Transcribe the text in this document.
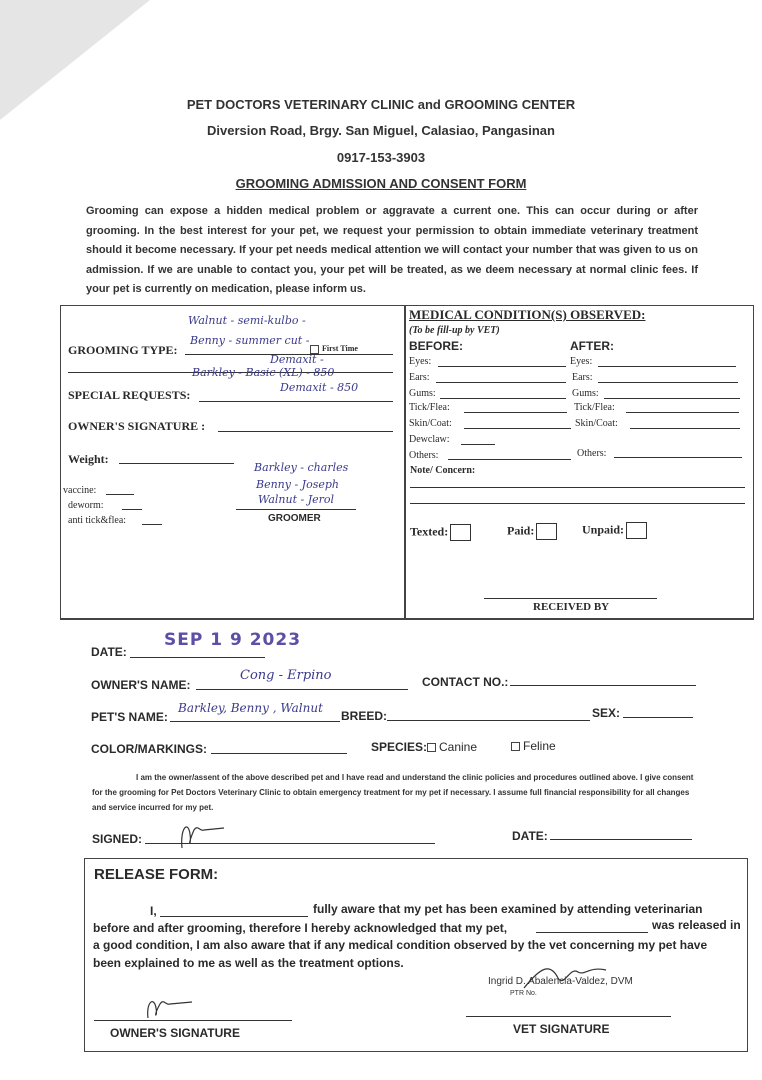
PET DOCTORS VETERINARY CLINIC and GROOMING CENTER
Diversion Road, Brgy. San Miguel, Calasiao, Pangasinan
0917-153-3903
GROOMING ADMISSION AND CONSENT FORM
Grooming can expose a hidden medical problem or aggravate a current one. This can occur during or after grooming. In the best interest for your pet, we request your permission to obtain immediate veterinary treatment should it become necessary. If your pet needs medical attention we will contact your number that was given to us on admission. If we are unable to contact you, your pet will be treated, as we deem necessary at normal clinic fees. If your pet is currently on medication, please inform us.
Walnut - semi-kulbo -
GROOMING TYPE:
Benny - summer cut -
First Time
Demaxit -
Barkley - Basic (XL) - 850
Demaxit - 850
SPECIAL REQUESTS:
OWNER'S SIGNATURE :
Weight:
Barkley - charles
Benny - Joseph
Walnut - Jerol
vaccine:
deworm:
anti tick&flea:	GROOMER
MEDICAL CONDITION(S) OBSERVED:
(To be fill-up by VET)
BEFORE:	AFTER:
Eyes:	Eyes:
Ears:	Ears:
Gums:	Gums:
Tick/Flea:	Tick/Flea:
Skin/Coat:	Skin/Coat:
Dewclaw:
Others:	Others:
Note/ Concern:
Texted:	Paid:	Unpaid:
RECEIVED BY
DATE:
SEP 1 9 2023
OWNER'S NAME:
Cong - Erpino	CONTACT NO.:
PET'S NAME:
Barkley, Benny , Walnut
BREED:	SEX:
COLOR/MARKINGS:	SPECIES: Canine	Feline
I am the owner/assent of the above described pet and I have read and understand the clinic policies and procedures outlined above. I give consent for the grooming for Pet Doctors Veterinary Clinic to obtain emergency treatment for my pet if necessary. I assume full financial responsibility for all changes and service incurred for my pet.
SIGNED:	DATE:
RELEASE FORM:
I,	fully aware that my pet has been examined by attending veterinarian
before and after grooming, therefore I hereby acknowledged that my pet,	was released in
a good condition, I am also aware that if any medical condition observed by the vet concerning my pet have
been explained to me as well as the treatment options.
Ingrid D. Abalencia-Valdez, DVM
PTR No.
OWNER'S SIGNATURE	VET SIGNATURE
